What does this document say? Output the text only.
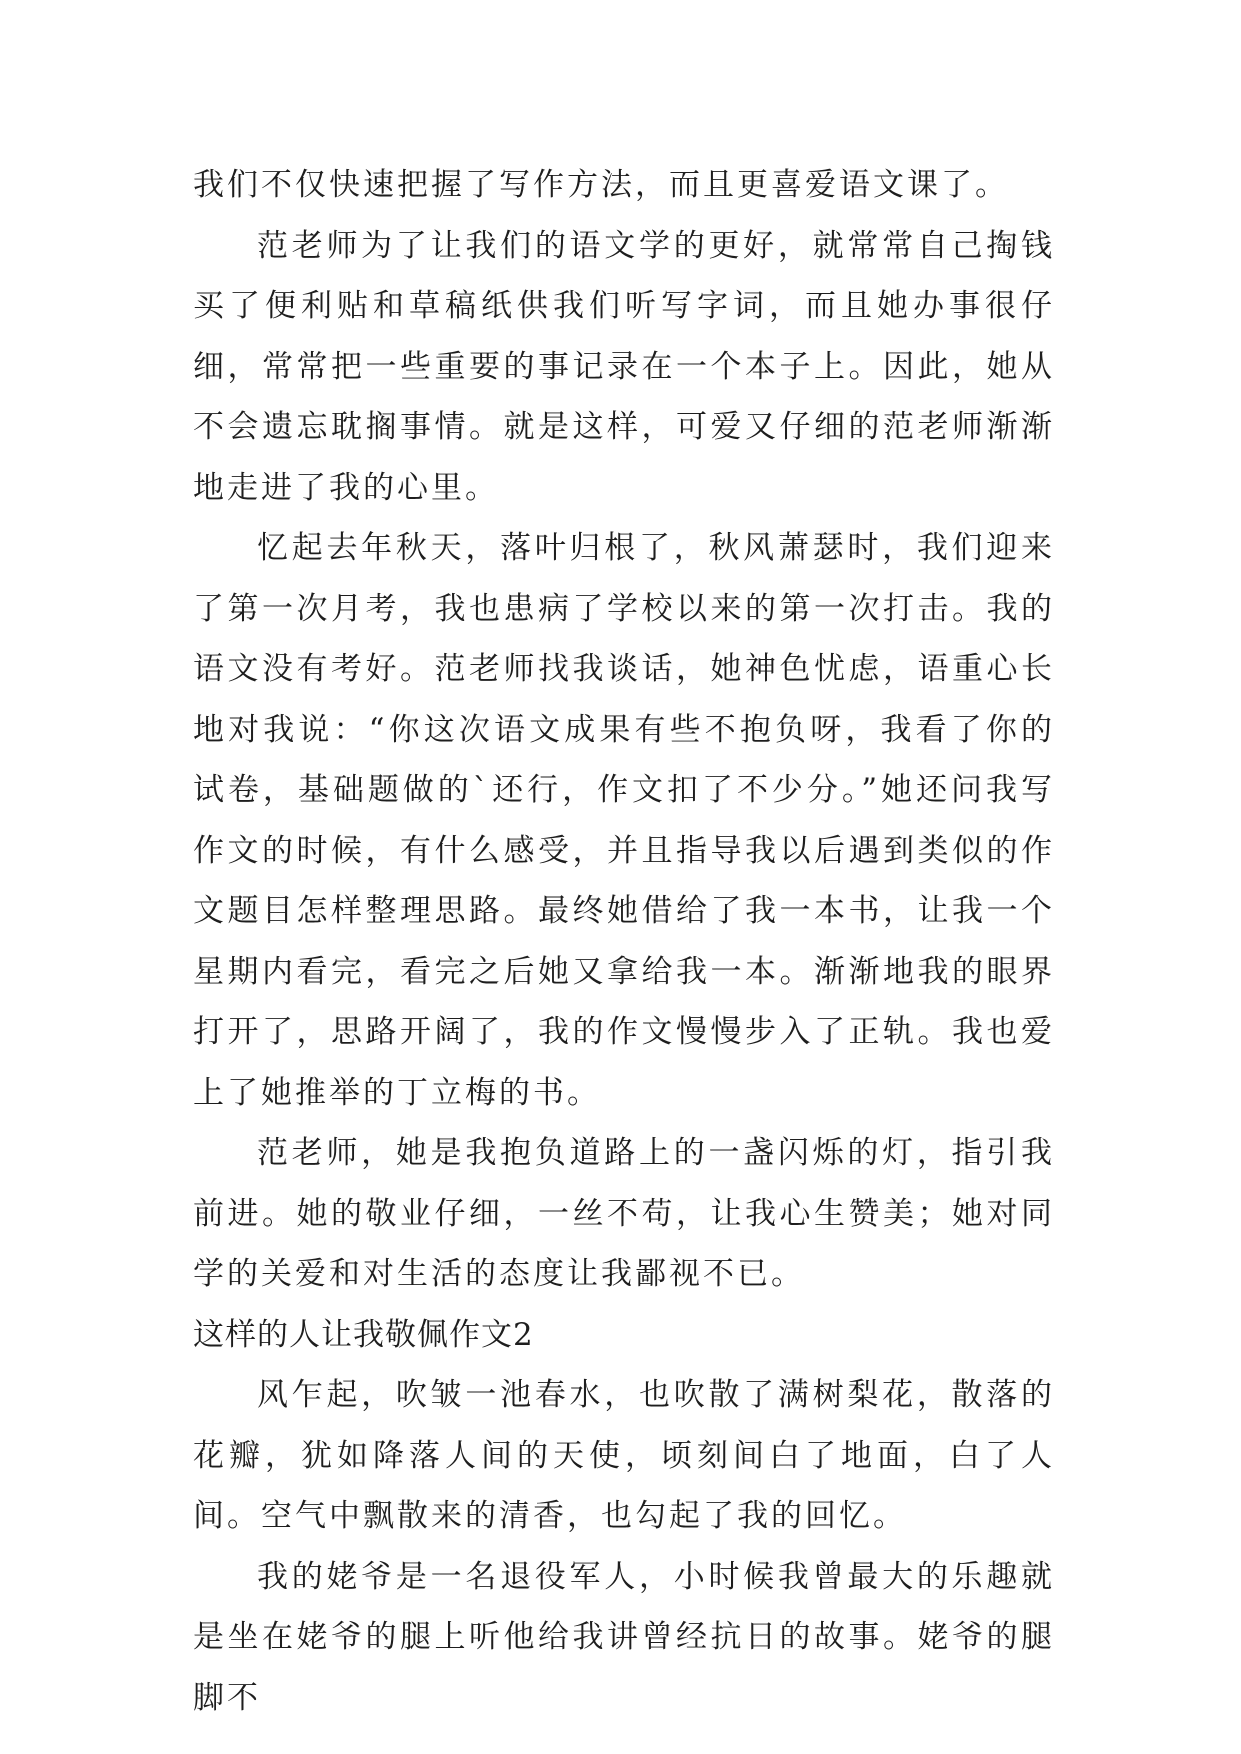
我们不仅快速把握了写作方法，而且更喜爱语文课了。

范老师为了让我们的语文学的更好，就常常自己掏钱买了便利贴和草稿纸供我们听写字词，而且她办事很仔细，常常把一些重要的事记录在一个本子上。因此，她从不会遗忘耽搁事情。就是这样，可爱又仔细的范老师渐渐地走进了我的心里。

忆起去年秋天，落叶归根了，秋风萧瑟时，我们迎来了第一次月考，我也患病了学校以来的第一次打击。我的语文没有考好。范老师找我谈话，她神色忧虑，语重心长地对我说：“你这次语文成果有些不抱负呀，我看了你的试卷，基础题做的`还行，作文扣了不少分。”她还问我写作文的时候，有什么感受，并且指导我以后遇到类似的作文题目怎样整理思路。最终她借给了我一本书，让我一个星期内看完，看完之后她又拿给我一本。渐渐地我的眼界打开了，思路开阔了，我的作文慢慢步入了正轨。我也爱上了她推举的丁立梅的书。

范老师，她是我抱负道路上的一盏闪烁的灯，指引我前进。她的敬业仔细，一丝不苟，让我心生赞美；她对同学的关爱和对生活的态度让我鄙视不已。

这样的人让我敬佩作文2

风乍起，吹皱一池春水，也吹散了满树梨花，散落的花瓣，犹如降落人间的天使，顷刻间白了地面，白了人间。空气中飘散来的清香，也勾起了我的回忆。

我的姥爷是一名退役军人，小时候我曾最大的乐趣就是坐在姥爷的腿上听他给我讲曾经抗日的故事。姥爷的腿脚不
